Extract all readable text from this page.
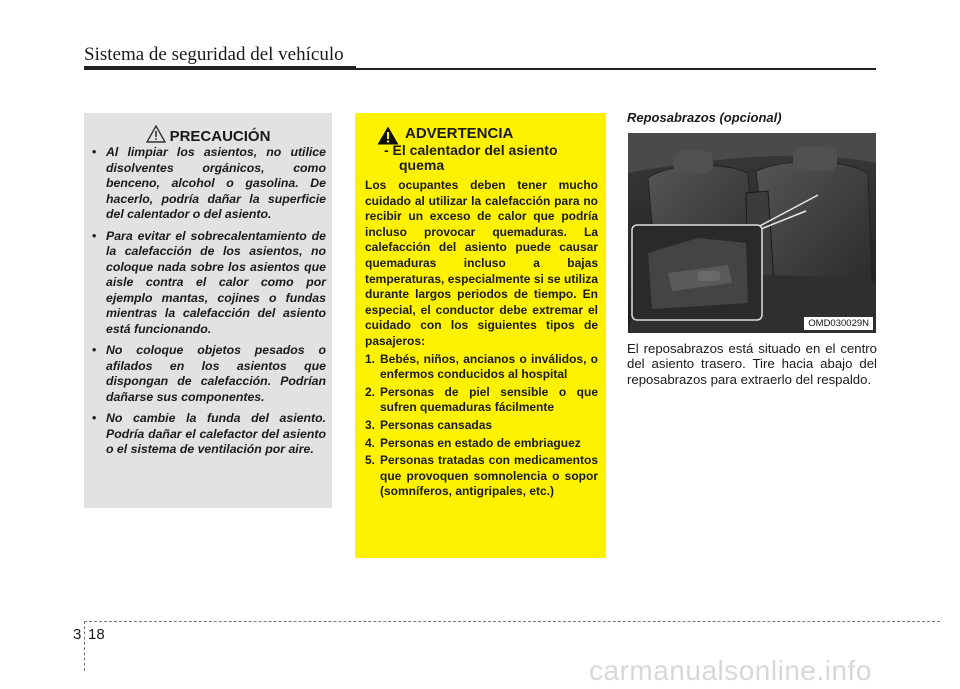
Sistema de seguridad del vehículo
PRECAUCIÓN
• Al limpiar los asientos, no utilice disolventes orgánicos, como benceno, alcohol o gasolina. De hacerlo, podría dañar la superficie del calentador o del asiento.
• Para evitar el sobrecalentamiento de la calefacción de los asientos, no coloque nada sobre los asientos que aisle contra el calor como por ejemplo mantas, cojines o fundas mientras la calefacción del asiento está funcionando.
• No coloque objetos pesados o afilados en los asientos que dispongan de calefacción. Podrían dañarse sus componentes.
• No cambie la funda del asiento. Podría dañar el calefactor del asiento o el sistema de ventilación por aire.
ADVERTENCIA
- El calentador del asiento
quema
Los ocupantes deben tener mucho cuidado al utilizar la calefacción para no recibir un exceso de calor que podría incluso provocar quemaduras. La calefacción del asiento puede causar quemaduras incluso a bajas temperaturas, especialmente si se utiliza durante largos periodos de tiempo. En especial, el conductor debe extremar el cuidado con los siguientes tipos de pasajeros:
1. Bebés, niños, ancianos o inválidos, o enfermos conducidos al hospital
2. Personas de piel sensible o que sufren quemaduras fácilmente
3. Personas cansadas
4. Personas en estado de embriaguez
5. Personas tratadas con medicamentos que provoquen somnolencia o sopor (somníferos, antigripales, etc.)
Reposabrazos (opcional)
OMD030029N
El reposabrazos está situado en el centro del asiento trasero. Tire hacia abajo del reposabrazos para extraerlo del respaldo.
3 18
carmanualsonline.info
